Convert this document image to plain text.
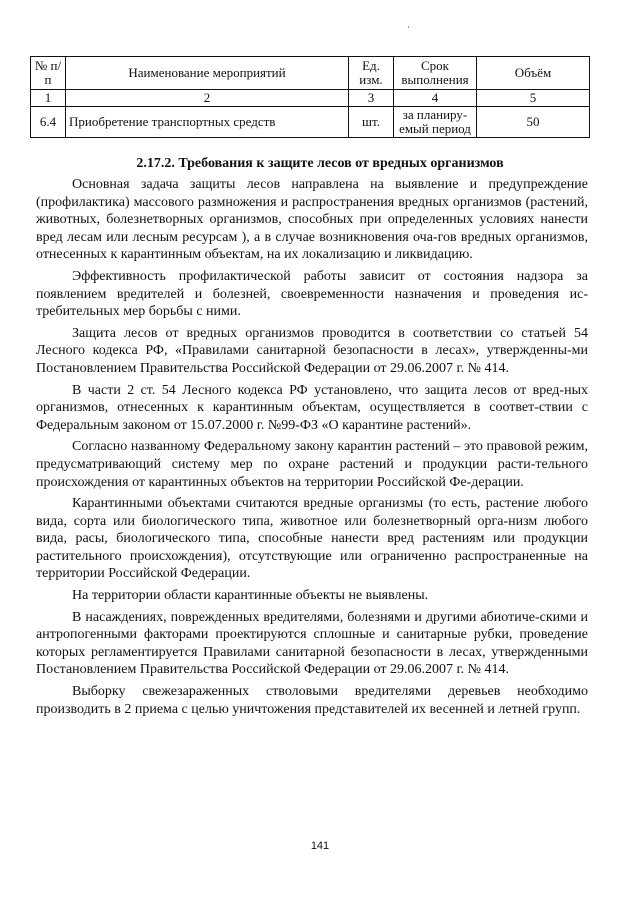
№ п/п	Наименование мероприятий	Ед. изм.	Срок выполнения	Объём
1	2	3	4	5
6.4	Приобретение транспортных средств	шт.	за планиру-емый период	50
2.17.2. Требования к защите лесов от вредных организмов

Основная задача защиты лесов направлена на выявление и предупреждение (профилактика) массового размножения и распространения вредных организмов (растений, животных, болезнетворных организмов, способных при определенных условиях нанести вред лесам или лесным ресурсам ), а в случае возникновения оча-гов вредных организмов, отнесенных к карантинным объектам, на их локализацию и ликвидацию.

Эффективность профилактической работы зависит от состояния надзора за появлением вредителей и болезней, своевременности назначения и проведения ис-требительных мер борьбы с ними.

Защита лесов от вредных организмов проводится в соответствии со статьей 54 Лесного кодекса РФ, «Правилами санитарной безопасности в лесах», утвержденны-ми Постановлением Правительства Российской Федерации от 29.06.2007 г. № 414.

В части 2 ст. 54 Лесного кодекса РФ установлено, что защита лесов от вред-ных организмов, отнесенных к карантинным объектам, осуществляется в соответ-ствии с Федеральным законом от 15.07.2000 г. №99-ФЗ «О карантине растений».

Согласно названному Федеральному закону карантин растений – это правовой режим, предусматривающий систему мер по охране растений и продукции расти-тельного происхождения от карантинных объектов на территории Российской Фе-дерации.

Карантинными объектами считаются вредные организмы (то есть, растение любого вида, сорта или биологического типа, животное или болезнетворный орга-низм любого вида, расы, биологического типа, способные нанести вред растениям или продукции растительного происхождения), отсутствующие или ограниченно распространенные на территории Российской Федерации.

На территории области карантинные объекты не выявлены.

В насаждениях, поврежденных вредителями, болезнями и другими абиотиче-скими и антропогенными факторами проектируются сплошные и санитарные рубки, проведение которых регламентируется Правилами санитарной безопасности в лесах, утвержденными Постановлением Правительства Российской Федерации от 29.06.2007 г. № 414.

Выборку свежезараженных стволовыми вредителями деревьев необходимо производить в 2 приема с целью уничтожения представителей их весенней и летней групп.

141
